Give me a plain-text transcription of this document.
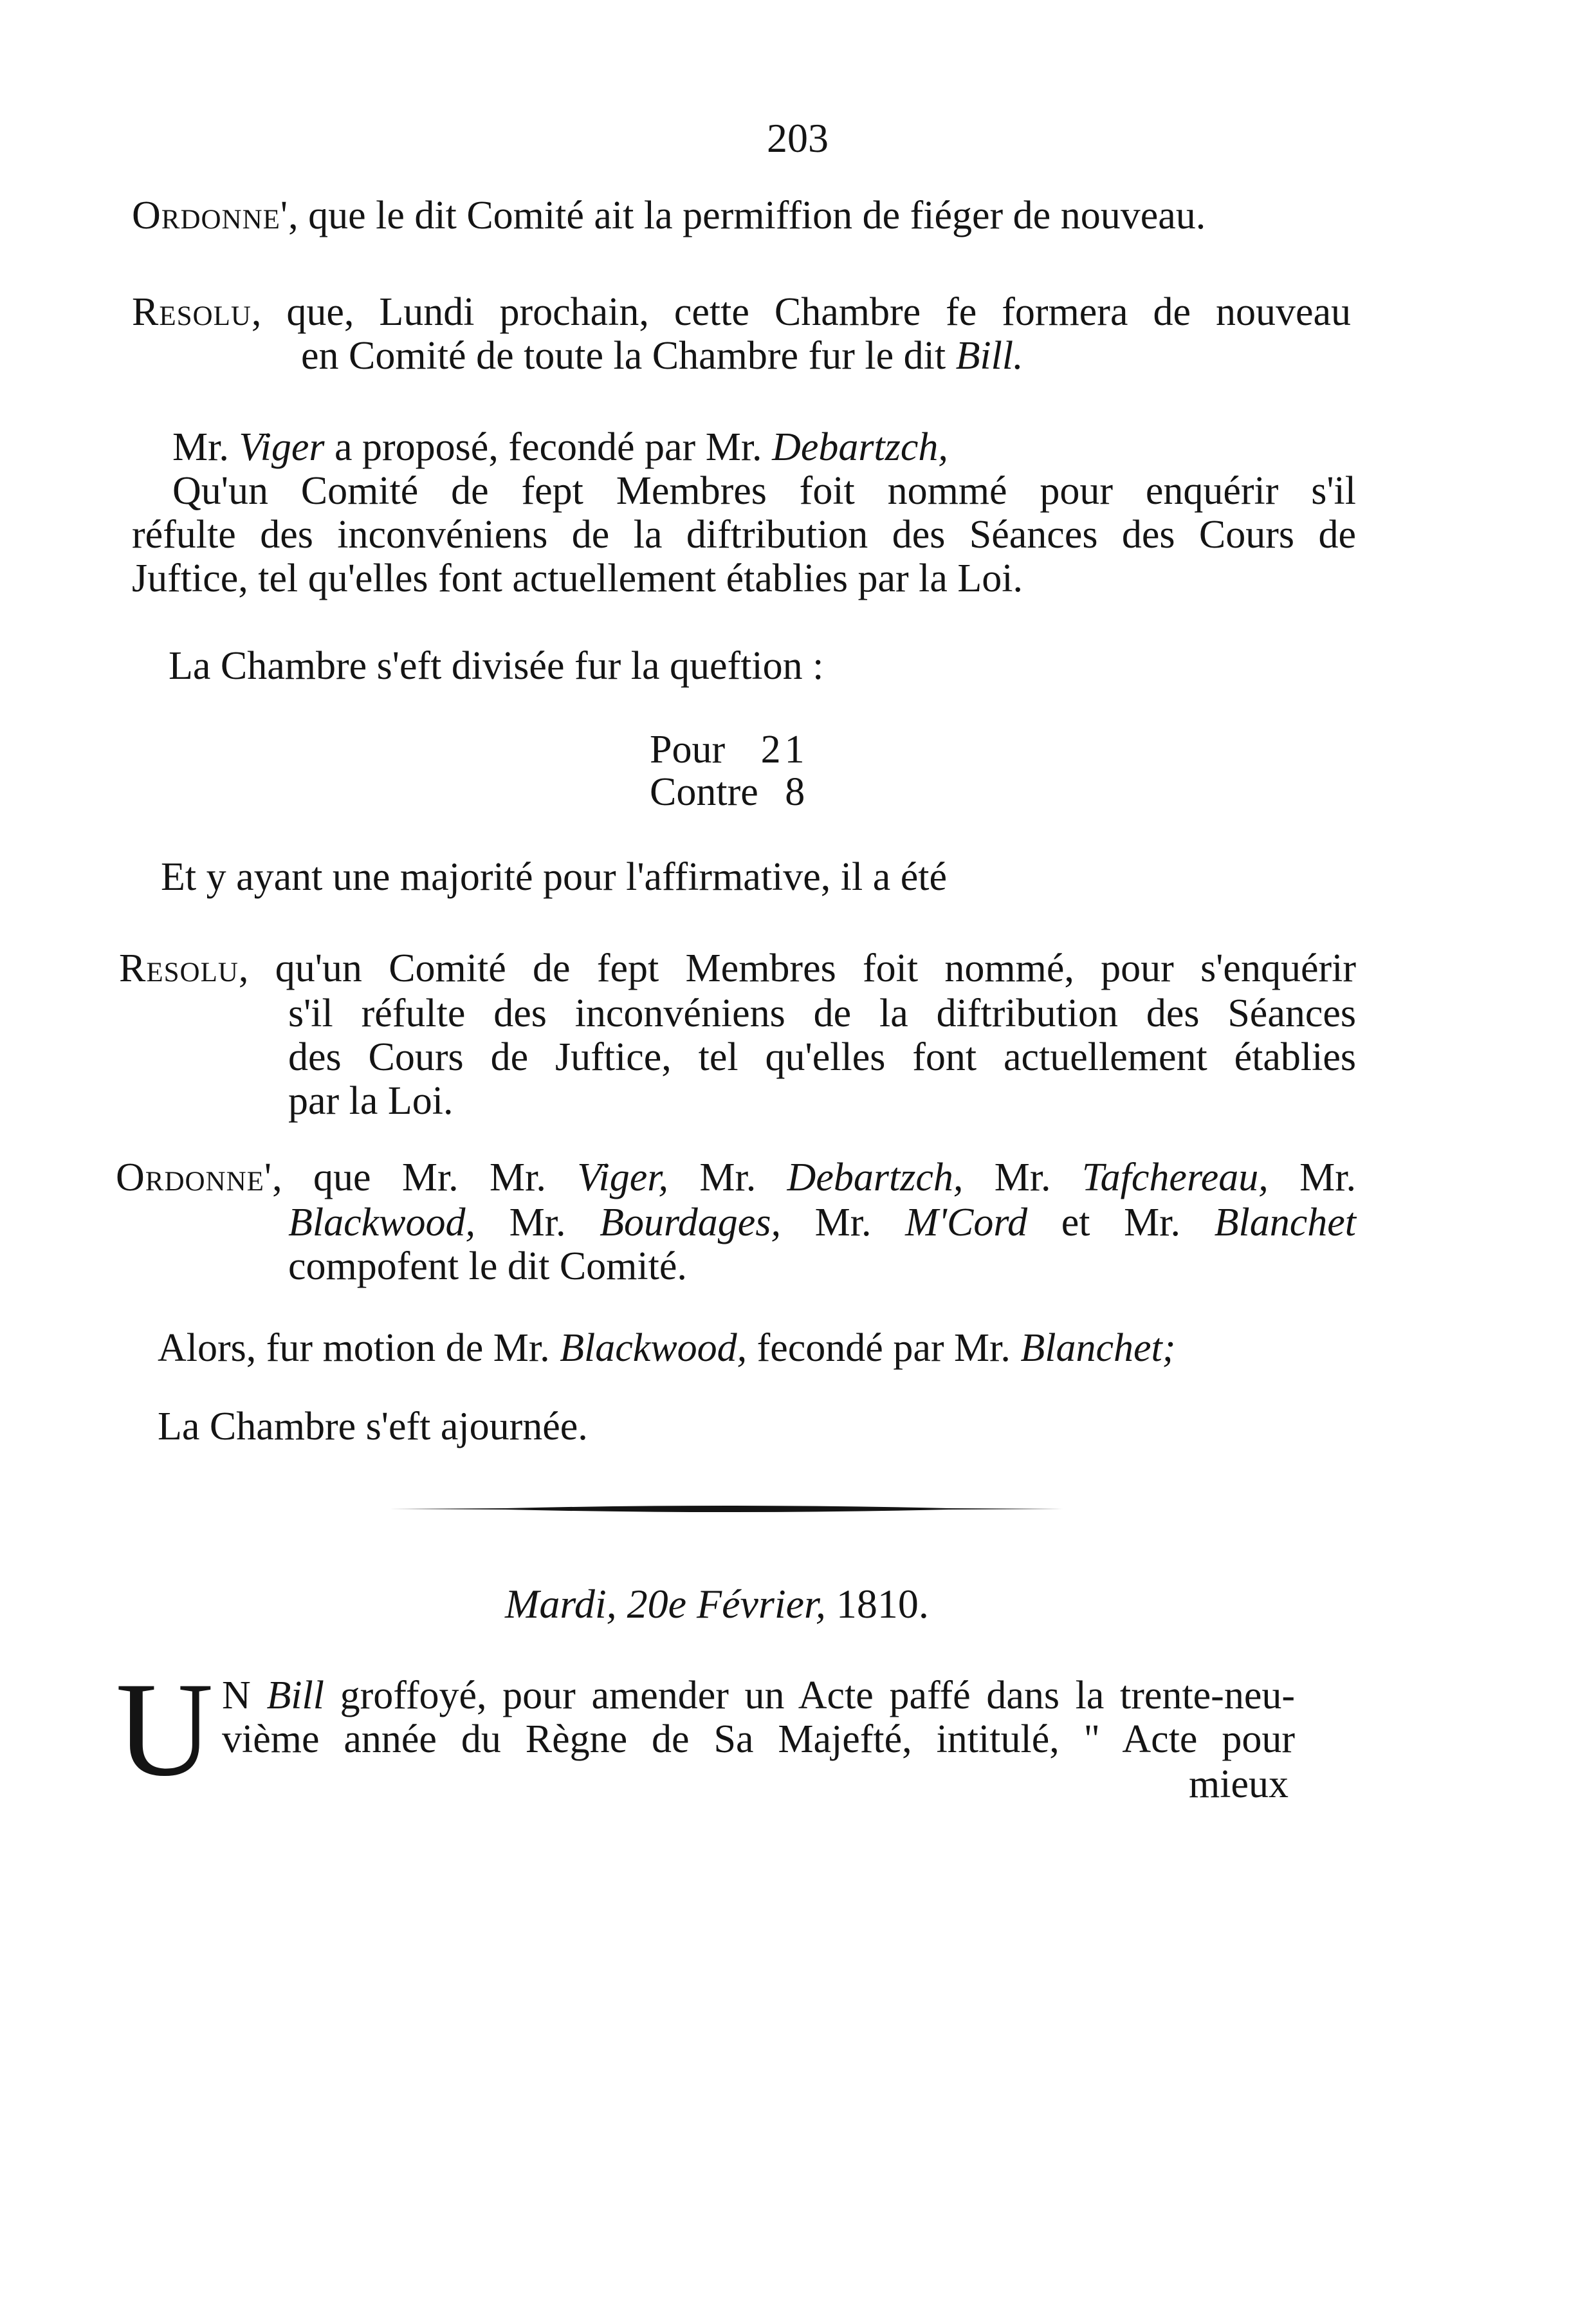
203
Ordonne', que le dit Comité ait la permiffion de fiéger de nouveau.
Resolu, que, Lundi prochain, cette Chambre fe formera de nouveau
en Comité de toute la Chambre fur le dit Bill.
Mr. Viger a proposé, fecondé par Mr. Debartzch,
Qu'un Comité de fept Membres foit nommé pour enquérir s'il
réfulte des inconvéniens de la diftribution des Séances des Cours de
Juftice, tel qu'elles font actuellement établies par la Loi.
La Chambre s'eft divisée fur la queftion :
Pour 21
Contre 8
Et y ayant une majorité pour l'affirmative, il a été
Resolu, qu'un Comité de fept Membres foit nommé, pour s'enquérir
s'il réfulte des inconvéniens de la diftribution des Séances
des Cours de Juftice, tel qu'elles font actuellement établies
par la Loi.
Ordonne', que Mr. Mr. Viger, Mr. Debartzch, Mr. Tafchereau, Mr.
Blackwood, Mr. Bourdages, Mr. M'Cord et Mr. Blanchet
compofent le dit Comité.
Alors, fur motion de Mr. Blackwood, fecondé par Mr. Blanchet;
La Chambre s'eft ajournée.
Mardi, 20e Février, 1810.
U N Bill groffoyé, pour amender un Acte paffé dans la trente-neu-
vième année du Règne de Sa Majefté, intitulé, " Acte pour
mieux
